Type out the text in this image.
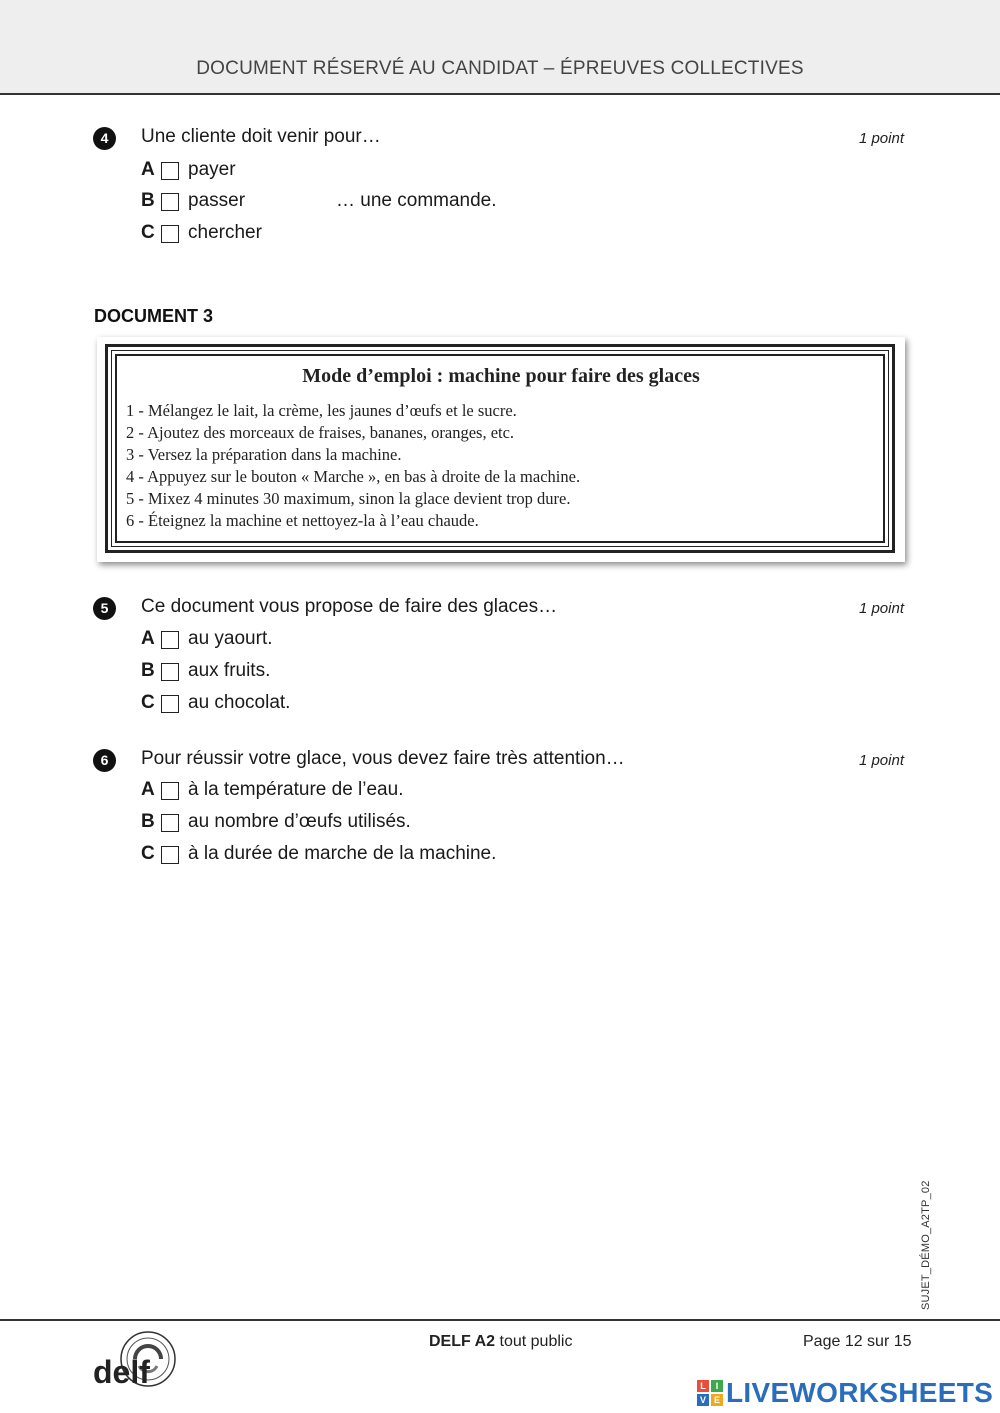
DOCUMENT RÉSERVÉ AU CANDIDAT – ÉPREUVES COLLECTIVES
4	Une cliente doit venir pour…	1 point
A payer
B passer	… une commande.
C chercher
DOCUMENT 3
Mode d’emploi : machine pour faire des glaces
1 - Mélangez le lait, la crème, les jaunes d’œufs et le sucre.
2 - Ajoutez des morceaux de fraises, bananes, oranges, etc.
3 - Versez la préparation dans la machine.
4 - Appuyez sur le bouton « Marche », en bas à droite de la machine.
5 - Mixez 4 minutes 30 maximum, sinon la glace devient trop dure.
6 - Éteignez la machine et nettoyez-la à l’eau chaude.
5	Ce document vous propose de faire des glaces…	1 point
A au yaourt.
B aux fruits.
C au chocolat.
6	Pour réussir votre glace, vous devez faire très attention…	1 point
A à la température de l’eau.
B au nombre d’œufs utilisés.
C à la durée de marche de la machine.
SUJET_DÉMO_A2TP_02
DELF A2 tout public	Page 12 sur 15
delf	L	I
V E LIVEWORKSHEETS
